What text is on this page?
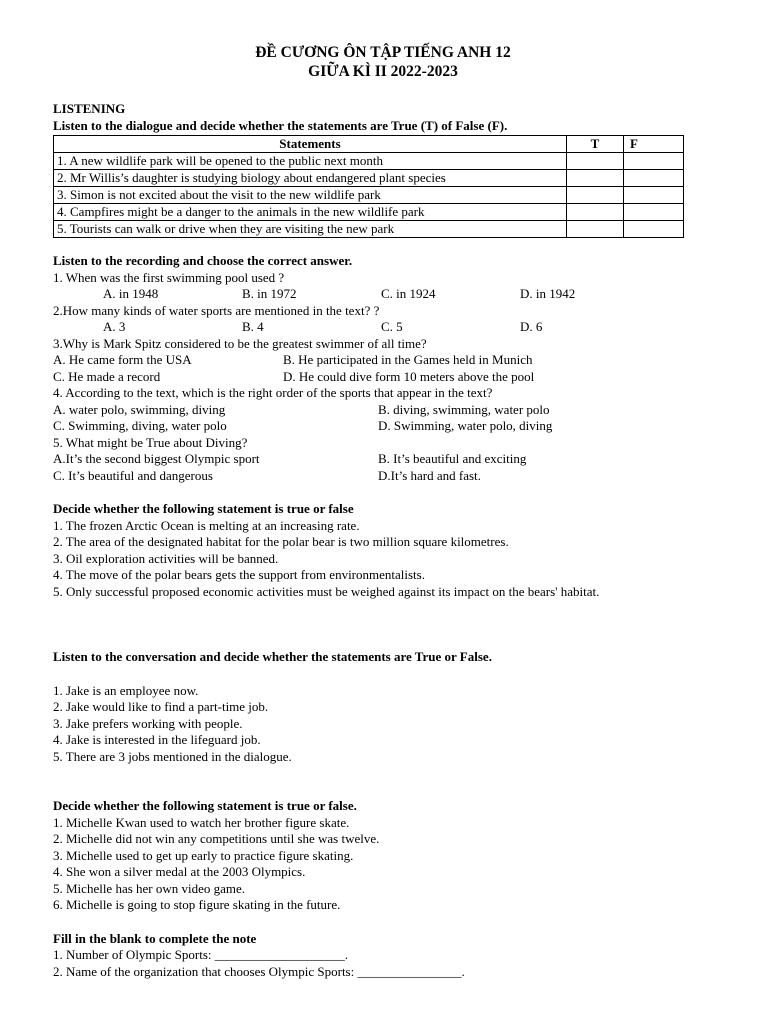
ĐỀ CƯƠNG ÔN TẬP TIẾNG ANH 12
GIỮA KÌ II 2022-2023
LISTENING
Listen to the dialogue and decide whether the statements are True (T) of False (F).
Statements	T	F
1. A new wildlife park will be opened to the public next month		
2. Mr Willis’s daughter is studying biology about endangered plant species		
3. Simon is not excited about the visit to the new wildlife park		
4. Campfires might be a danger to the animals in the new wildlife park		
5. Tourists can walk or drive when they are visiting the new park		
Listen to the recording and choose the correct answer.
1. When was the first swimming pool used ?
A. in 1948	B. in 1972	C. in 1924	D. in 1942
2.How many kinds of water sports are mentioned in the text? ?
A. 3	B. 4	C. 5	D. 6
3.Why is Mark Spitz considered to be the greatest swimmer of all time?
A. He came form the USA	B. He participated in the Games held in Munich
C. He made a record	D. He could dive form 10 meters above the pool
4. According to the text, which is the right order of the sports that appear in the text?
A. water polo, swimming, diving	B. diving, swimming, water polo
C. Swimming, diving, water polo	D. Swimming, water polo, diving
5. What might be True about Diving?
A.It’s the second biggest Olympic sport	B. It’s beautiful and exciting
C. It’s beautiful and dangerous	D.It’s hard and fast.
Decide whether the following statement is true or false
1. The frozen Arctic Ocean is melting at an increasing rate.
2. The area of the designated habitat for the polar bear is two million square kilometres.
3. Oil exploration activities will be banned.
4. The move of the polar bears gets the support from environmentalists.
5. Only successful proposed economic activities must be weighed against its impact on the bears' habitat.
Listen to the conversation and decide whether the statements are True or False.
1. Jake is an employee now.
2. Jake would like to find a part-time job.
3. Jake prefers working with people.
4. Jake is interested in the lifeguard job.
5. There are 3 jobs mentioned in the dialogue.
Decide whether the following statement is true or false.
1. Michelle Kwan used to watch her brother figure skate.
2. Michelle did not win any competitions until she was twelve.
3. Michelle used to get up early to practice figure skating.
4. She won a silver medal at the 2003 Olympics.
5. Michelle has her own video game.
6. Michelle is going to stop figure skating in the future.
Fill in the blank to complete the note
1. Number of Olympic Sports: ____________________.
2. Name of the organization that chooses Olympic Sports: ________________.
